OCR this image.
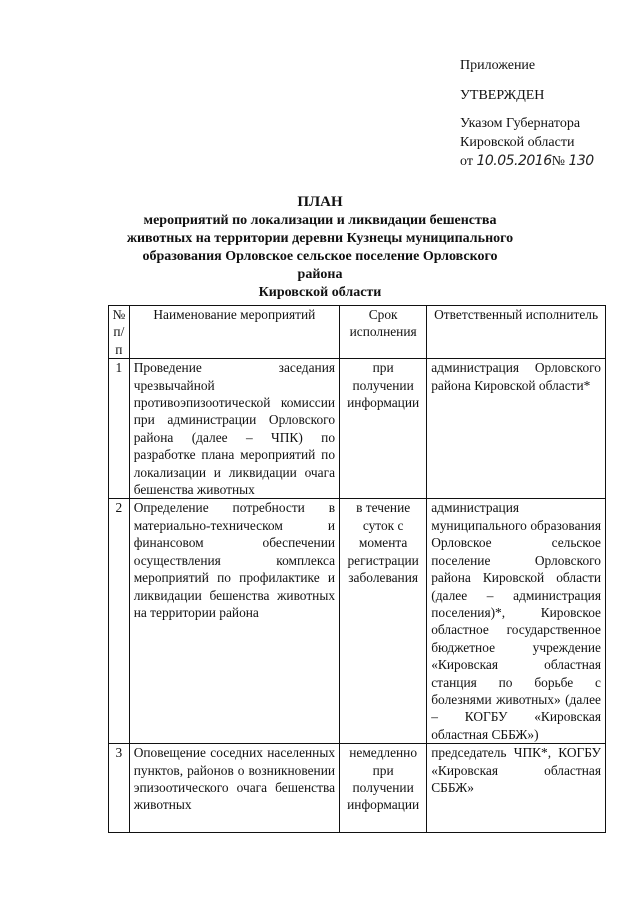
Приложение
УТВЕРЖДЕН
Указом Губернатора
Кировской области
от 10.05.2016№ 130
ПЛАН
мероприятий по локализации и ликвидации бешенства
животных на территории деревни Кузнецы муниципального
образования Орловское сельское поселение Орловского района
Кировской области
№ п/п	Наименование мероприятий	Срок исполнения	Ответственный исполнитель
1	Проведение заседания чрезвычайной противоэпизоотической комиссии при администрации Орловского района (далее – ЧПК) по разработке плана мероприятий по локализации и ликвидации очага бешенства животных	при получении информации	администрация Орловского района Кировской области*
2	Определение потребности в материально-техническом и финансовом обеспечении осуществления комплекса мероприятий по профилактике и ликвидации бешенства животных на территории района	в течение суток с момента регистрации заболевания	администрация муниципального образования Орловское сельское поселение Орловского района Кировской области (далее – администрация поселения)*, Кировское областное государственное бюджетное учреждение «Кировская областная станция по борьбе с болезнями животных» (далее – КОГБУ «Кировская областная СББЖ»)
3	Оповещение соседних населенных пунктов, районов о возникновении эпизоотического очага бешенства животных	немедленно при получении информации	председатель ЧПК*, КОГБУ «Кировская областная СББЖ»
